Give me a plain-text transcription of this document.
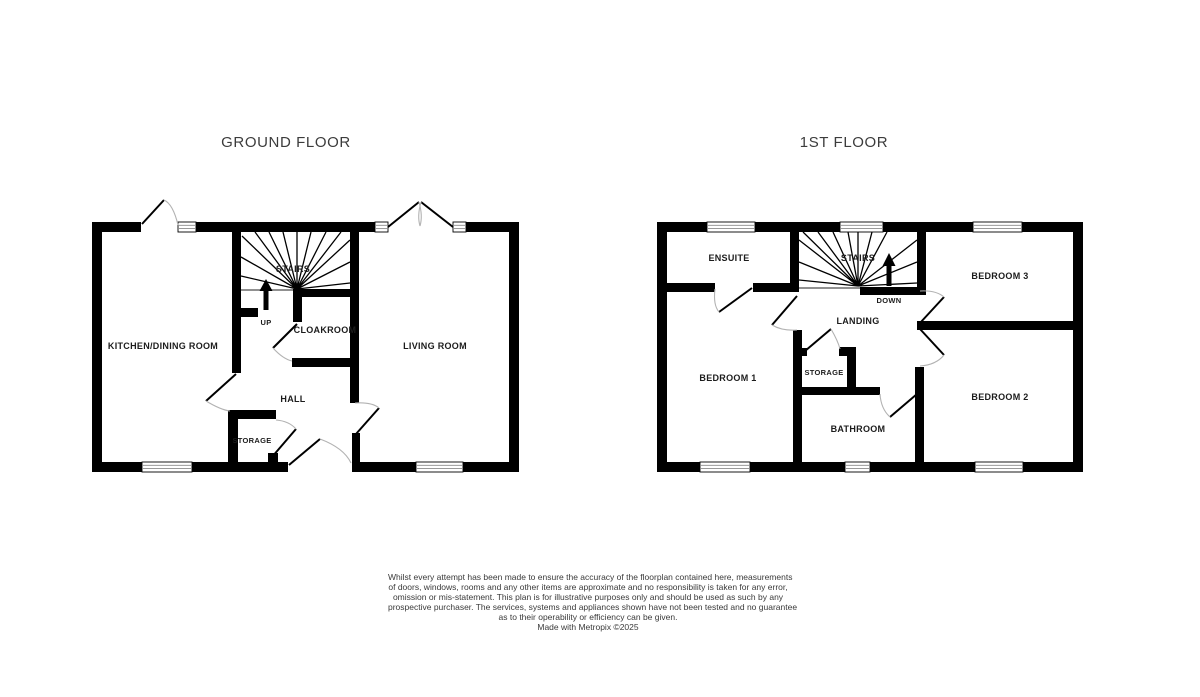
GROUND FLOOR	1ST FLOOR
KITCHEN/DINING ROOM	LIVING ROOM
HALL
CLOAKROOM
STORAGE
STAIRS
UP
ENSUITE
BEDROOM 3
BEDROOM 1
BEDROOM 2
LANDING
STORAGE
BATHROOM
STAIRS
DOWN
Whilst every attempt has been made to ensure the accuracy of the floorplan contained here, measurements
of doors, windows, rooms and any other items are approximate and no responsibility is taken for any error,
omission or mis-statement. This plan is for illustrative purposes only and should be used as such by any
prospective purchaser. The services, systems and appliances shown have not been tested and no guarantee
as to their operability or efficiency can be given.
Made with Metropix ©2025
